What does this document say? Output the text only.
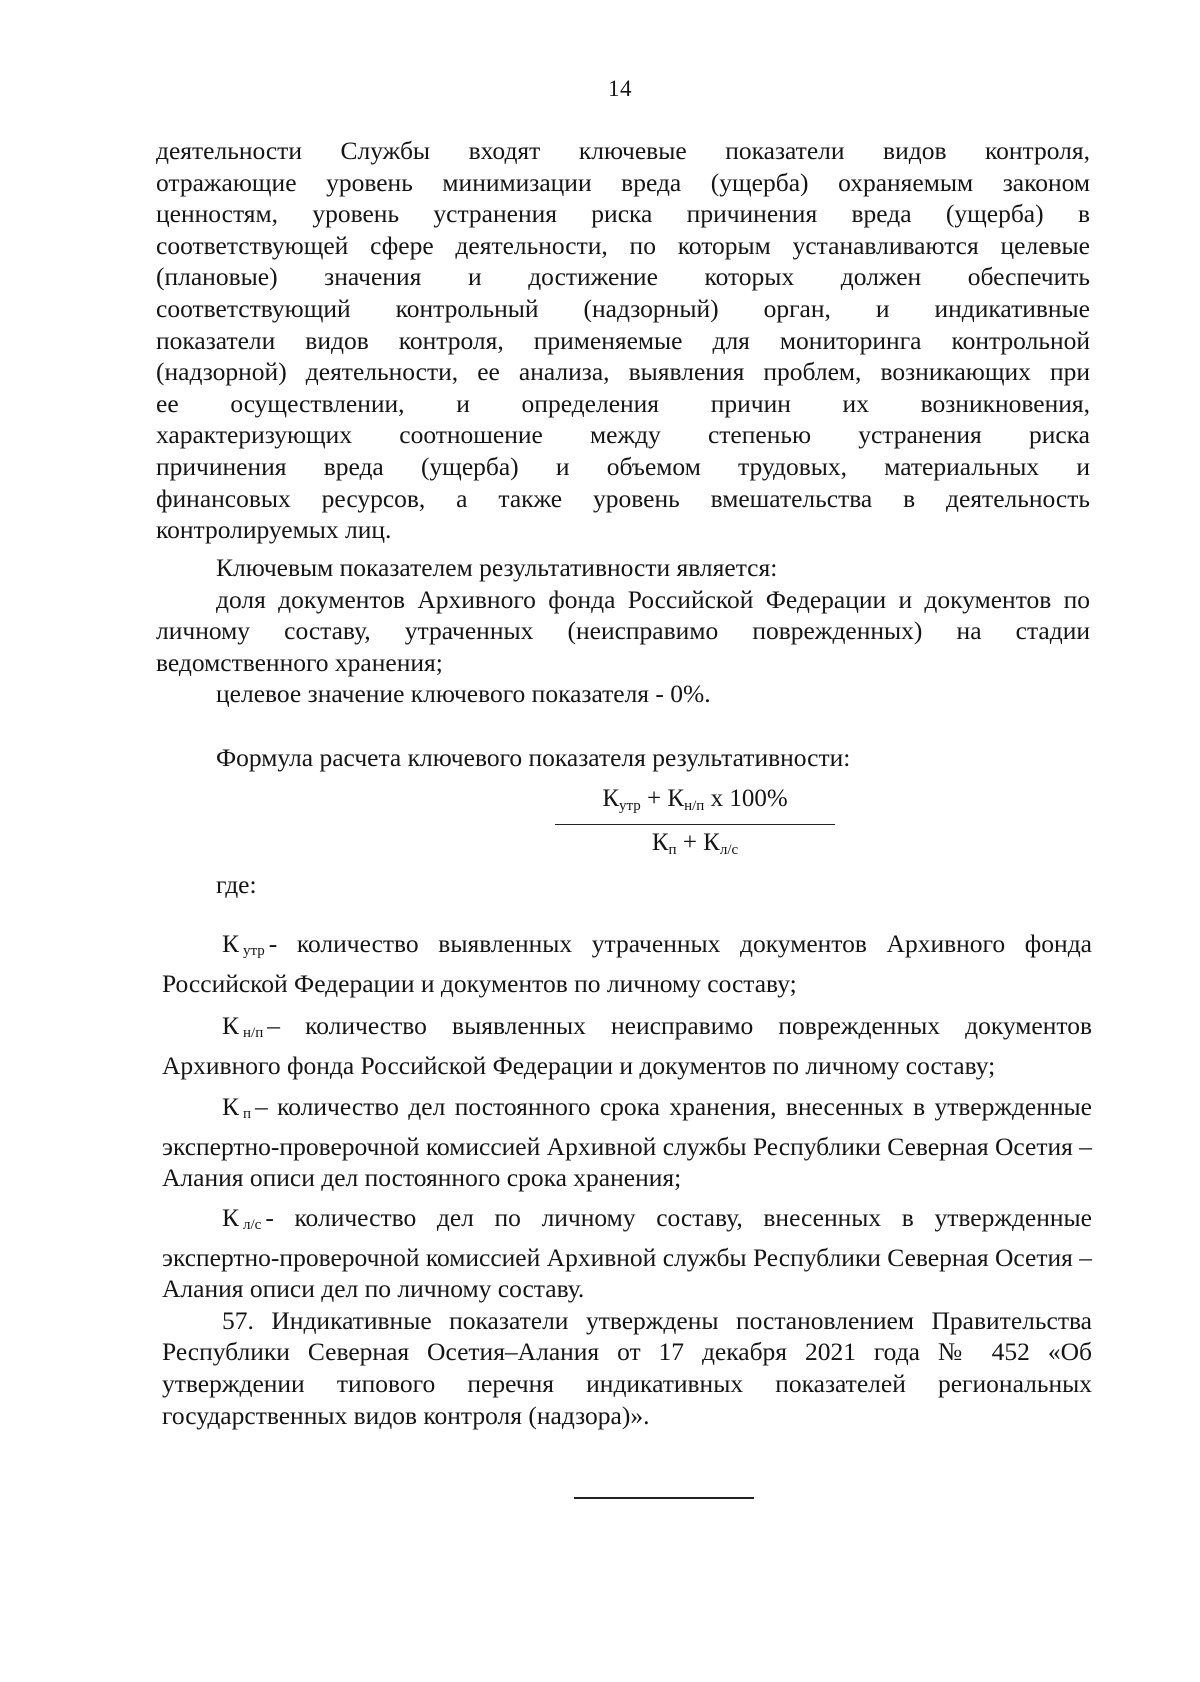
14

деятельности Службы входят ключевые показатели видов контроля,

отражающие уровень минимизации вреда (ущерба) охраняемым законом

ценностям, уровень устранения риска причинения вреда (ущерба) в

соответствующей сфере деятельности, по которым устанавливаются целевые

(плановые) значения и достижение которых должен обеспечить

соответствующий контрольный (надзорный) орган, и индикативные

показатели видов контроля, применяемые для мониторинга контрольной

(надзорной) деятельности, ее анализа, выявления проблем, возникающих при

ее осуществлении, и определения причин их возникновения,

характеризующих соотношение между степенью устранения риска

причинения вреда (ущерба) и объемом трудовых, материальных и

финансовых ресурсов, а также уровень вмешательства в деятельность

контролируемых лиц.

Ключевым показателем результативности является:

доля документов Архивного фонда Российской Федерации и документов по личному составу, утраченных (неисправимо поврежденных) на стадии ведомственного хранения;

целевое значение ключевого показателя - 0%.

Формула расчета ключевого показателя результативности:

$К_{утр} + К_{н/п}$ х 100%
$К_п + К_{л/с}$

где:

Кутр - количество выявленных утраченных документов Архивного фонда Российской Федерации и документов по личному составу;

Кн/п – количество выявленных неисправимо поврежденных документов Архивного фонда Российской Федерации и документов по личному составу;

Кп – количество дел постоянного срока хранения, внесенных в утвержденные экспертно-проверочной комиссией Архивной службы Республики Северная Осетия –Алания описи дел постоянного срока хранения;

Кл/с - количество дел по личному составу, внесенных в утвержденные экспертно-проверочной комиссией Архивной службы Республики Северная Осетия –Алания описи дел по личному составу.

57. Индикативные показатели утверждены постановлением Правительства Республики Северная Осетия–Алания от 17 декабря 2021 года № 452 «Об утверждении типового перечня индикативных показателей региональных государственных видов контроля (надзора)».
